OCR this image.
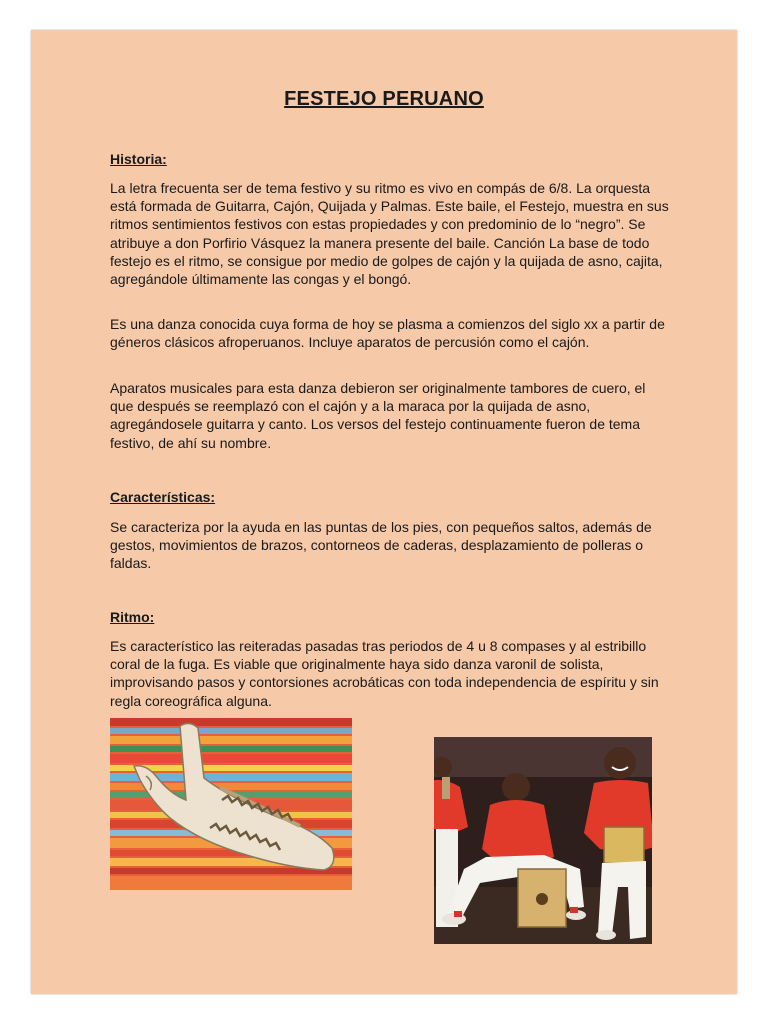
FESTEJO PERUANO
Historia:

La letra frecuenta ser de tema festivo y su ritmo es vivo en compás de 6/8. La orquesta está formada de Guitarra, Cajón, Quijada y Palmas. Este baile, el Festejo, muestra en sus ritmos sentimientos festivos con estas propiedades y con predominio de lo “negro”. Se atribuye a don Porfirio Vásquez la manera presente del baile. Canción La base de todo festejo es el ritmo, se consigue por medio de golpes de cajón y la quijada de asno, cajita, agregándole últimamente las congas y el bongó.

Es una danza conocida cuya forma de hoy se plasma a comienzos del siglo xx a partir de géneros clásicos afroperuanos. Incluye aparatos de percusión como el cajón.

Aparatos musicales para esta danza debieron ser originalmente tambores de cuero, el que después se reemplazó con el cajón y a la maraca por la quijada de asno, agregándosele guitarra y canto. Los versos del festejo continuamente fueron de tema festivo, de ahí su nombre.

Características:

Se caracteriza por la ayuda en las puntas de los pies, con pequeños saltos, además de gestos, movimientos de brazos, contorneos de caderas, desplazamiento de polleras o faldas.

Ritmo:

Es característico las reiteradas pasadas tras periodos de 4 u 8 compases y al estribillo coral de la fuga. Es viable que originalmente haya sido danza varonil de solista, improvisando pasos y contorsiones acrobáticas con toda independencia de espíritu y sin regla coreográfica alguna.
